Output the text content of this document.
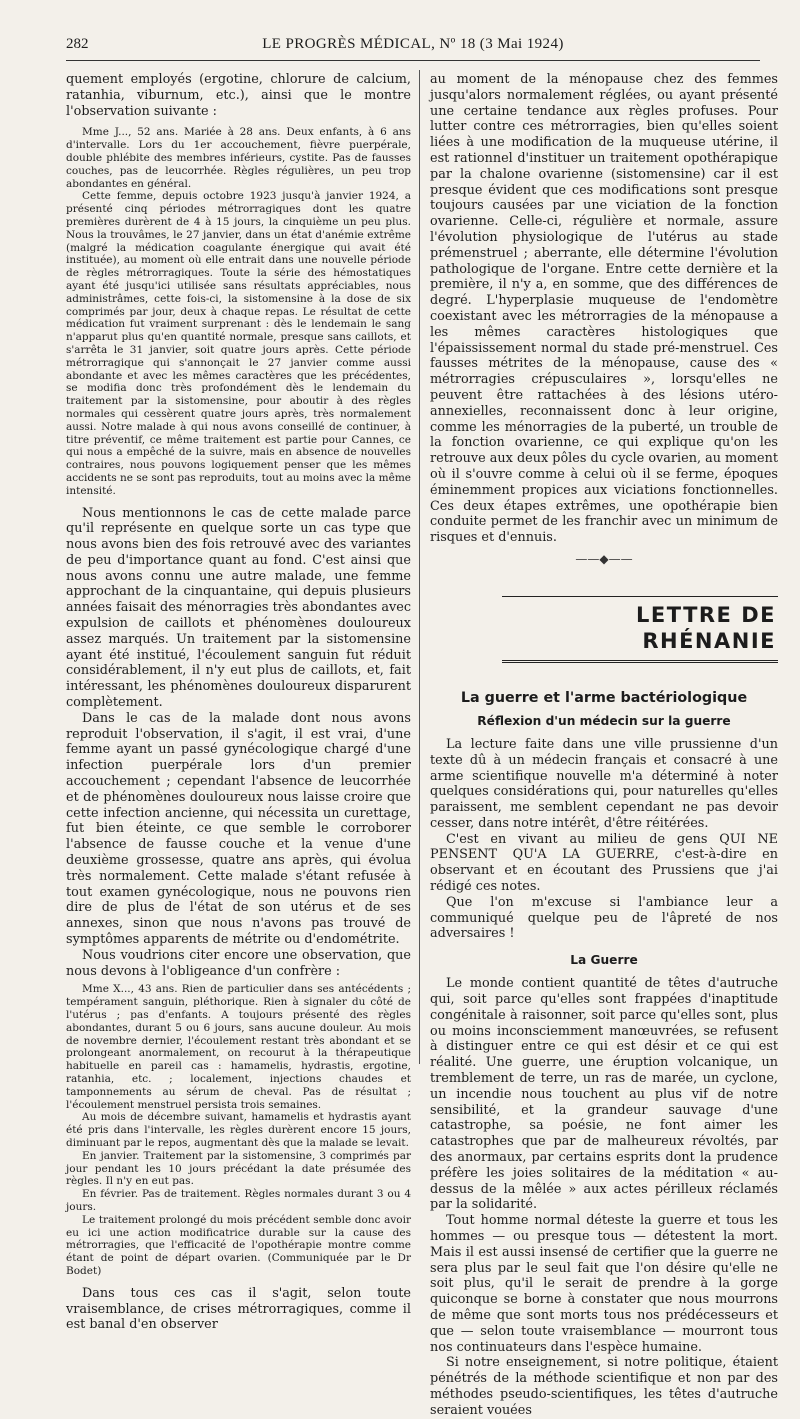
282	LE PROGRÈS MÉDICAL, Nº 18 (3 Mai 1924)

quement employés (ergotine, chlorure de calcium, ratanhia, viburnum, etc.), ainsi que le montre l'observation suivante :

Mme J..., 52 ans. Mariée à 28 ans. Deux enfants, à 6 ans d'intervalle. Lors du 1er accouchement, fièvre puerpérale, double phlébite des membres inférieurs, cystite. Pas de fausses couches, pas de leucorrhée. Règles régulières, un peu trop abondantes en général.

Cette femme, depuis octobre 1923 jusqu'à janvier 1924, a présenté cinq périodes métrorragiques dont les quatre premières durèrent de 4 à 15 jours, la cinquième un peu plus. Nous la trouvâmes, le 27 janvier, dans un état d'anémie extrême (malgré la médication coagulante énergique qui avait été instituée), au moment où elle entrait dans une nouvelle période de règles métrorragiques. Toute la série des hémostatiques ayant été jusqu'ici utilisée sans résultats appréciables, nous administrâmes, cette fois-ci, la sistomensine à la dose de six comprimés par jour, deux à chaque repas. Le résultat de cette médication fut vraiment surprenant : dès le lendemain le sang n'apparut plus qu'en quantité normale, presque sans caillots, et s'arrêta le 31 janvier, soit quatre jours après. Cette période métrorragique qui s'annonçait le 27 janvier comme aussi abondante et avec les mêmes caractères que les précédentes, se modifia donc très profondément dès le lendemain du traitement par la sistomensine, pour aboutir à des règles normales qui cessèrent quatre jours après, très normalement aussi. Notre malade à qui nous avons conseillé de continuer, à titre préventif, ce même traitement est partie pour Cannes, ce qui nous a empêché de la suivre, mais en absence de nouvelles contraires, nous pouvons logiquement penser que les mêmes accidents ne se sont pas reproduits, tout au moins avec la même intensité.

Nous mentionnons le cas de cette malade parce qu'il représente en quelque sorte un cas type que nous avons bien des fois retrouvé avec des variantes de peu d'importance quant au fond. C'est ainsi que nous avons connu une autre malade, une femme approchant de la cinquantaine, qui depuis plusieurs années faisait des ménorragies très abondantes avec expulsion de caillots et phénomènes douloureux assez marqués. Un traitement par la sistomensine ayant été institué, l'écoulement sanguin fut réduit considérablement, il n'y eut plus de caillots, et, fait intéressant, les phénomènes douloureux disparurent complètement.

Dans le cas de la malade dont nous avons reproduit l'observation, il s'agit, il est vrai, d'une femme ayant un passé gynécologique chargé d'une infection puerpérale lors d'un premier accouchement ; cependant l'absence de leucorrhée et de phénomènes douloureux nous laisse croire que cette infection ancienne, qui nécessita un curettage, fut bien éteinte, ce que semble le corroborer l'absence de fausse couche et la venue d'une deuxième grossesse, quatre ans après, qui évolua très normalement. Cette malade s'étant refusée à tout examen gynécologique, nous ne pouvons rien dire de plus de l'état de son utérus et de ses annexes, sinon que nous n'avons pas trouvé de symptômes apparents de métrite ou d'endométrite.

Nous voudrions citer encore une observation, que nous devons à l'obligeance d'un confrère :

Mme X..., 43 ans. Rien de particulier dans ses antécédents ; tempérament sanguin, pléthorique. Rien à signaler du côté de l'utérus ; pas d'enfants. A toujours présenté des règles abondantes, durant 5 ou 6 jours, sans aucune douleur. Au mois de novembre dernier, l'écoulement restant très abondant et se prolongeant anormalement, on recourut à la thérapeutique habituelle en pareil cas : hamamelis, hydrastis, ergotine, ratanhia, etc. ; localement, injections chaudes et tamponnements au sérum de cheval. Pas de résultat ; l'écoulement menstruel persista trois semaines.

Au mois de décembre suivant, hamamelis et hydrastis ayant été pris dans l'intervalle, les règles durèrent encore 15 jours, diminuant par le repos, augmentant dès que la malade se levait.

En janvier. Traitement par la sistomensine, 3 comprimés par jour pendant les 10 jours précédant la date présumée des règles. Il n'y en eut pas.

En février. Pas de traitement. Règles normales durant 3 ou 4 jours.

Le traitement prolongé du mois précédent semble donc avoir eu ici une action modificatrice durable sur la cause des métrorragies, que l'efficacité de l'opothérapie montre comme étant de point de départ ovarien. (Communiquée par le Dr Bodet)

Dans tous ces cas il s'agit, selon toute vraisemblance, de crises métrorragiques, comme il est banal d'en observer

au moment de la ménopause chez des femmes jusqu'alors normalement réglées, ou ayant présenté une certaine tendance aux règles profuses. Pour lutter contre ces métrorragies, bien qu'elles soient liées à une modification de la muqueuse utérine, il est rationnel d'instituer un traitement opothérapique par la chalone ovarienne (sistomensine) car il est presque évident que ces modifications sont presque toujours causées par une viciation de la fonction ovarienne. Celle-ci, régulière et normale, assure l'évolution physiologique de l'utérus au stade prémenstruel ; aberrante, elle détermine l'évolution pathologique de l'organe. Entre cette dernière et la première, il n'y a, en somme, que des différences de degré. L'hyperplasie muqueuse de l'endomètre coexistant avec les métrorragies de la ménopause a les mêmes caractères histologiques que l'épaississement normal du stade pré-menstruel. Ces fausses métrites de la ménopause, cause des « métrorragies crépusculaires », lorsqu'elles ne peuvent être rattachées à des lésions utéro-annexielles, reconnaissent donc à leur origine, comme les ménorragies de la puberté, un trouble de la fonction ovarienne, ce qui explique qu'on les retrouve aux deux pôles du cycle ovarien, au moment où il s'ouvre comme à celui où il se ferme, époques éminemment propices aux viciations fonctionnelles. Ces deux étapes extrêmes, une opothérapie bien conduite permet de les franchir avec un minimum de risques et d'ennuis.

——◆——
LETTRE DE RHÉNANIE
La guerre et l'arme bactériologique
Réflexion d'un médecin sur la guerre

La lecture faite dans une ville prussienne d'un texte dû à un médecin français et consacré à une arme scientifique nouvelle m'a déterminé à noter quelques considérations qui, pour naturelles qu'elles paraissent, me semblent cependant ne pas devoir cesser, dans notre intérêt, d'être réitérées.

C'est en vivant au milieu de gens QUI NE PENSENT QU'A LA GUERRE, c'est-à-dire en observant et en écoutant des Prussiens que j'ai rédigé ces notes.

Que l'on m'excuse si l'ambiance leur a communiqué quelque peu de l'âpreté de nos adversaires !

La Guerre

Le monde contient quantité de têtes d'autruche qui, soit parce qu'elles sont frappées d'inaptitude congénitale à raisonner, soit parce qu'elles sont, plus ou moins inconsciemment manœuvrées, se refusent à distinguer entre ce qui est désir et ce qui est réalité. Une guerre, une éruption volcanique, un tremblement de terre, un ras de marée, un cyclone, un incendie nous touchent au plus vif de notre sensibilité, et la grandeur sauvage d'une catastrophe, sa poésie, ne font aimer les catastrophes que par de malheureux révoltés, par des anormaux, par certains esprits dont la prudence préfère les joies solitaires de la méditation « au-dessus de la mêlée » aux actes périlleux réclamés par la solidarité.

Tout homme normal déteste la guerre et tous les hommes — ou presque tous — détestent la mort. Mais il est aussi insensé de certifier que la guerre ne sera plus par le seul fait que l'on désire qu'elle ne soit plus, qu'il le serait de prendre à la gorge quiconque se borne à constater que nous mourrons de même que sont morts tous nos prédécesseurs et que — selon toute vraisemblance — mourront tous nos continuateurs dans l'espèce humaine.

Si notre enseignement, si notre politique, étaient pénétrés de la méthode scientifique et non par des méthodes pseudo-scientifiques, les têtes d'autruche seraient vouées
